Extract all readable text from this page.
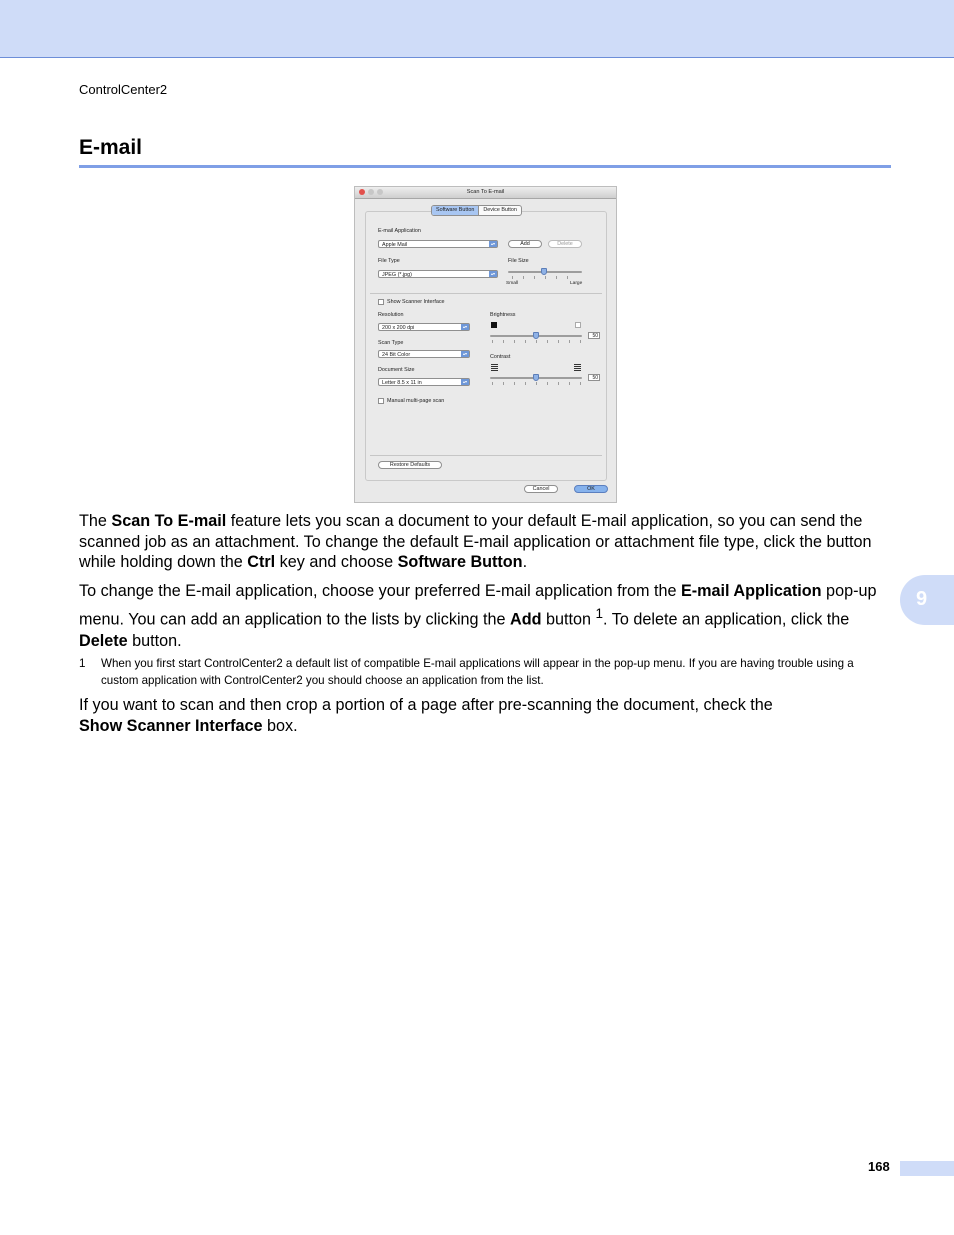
ControlCenter2
E-mail
Scan To E-mail
E-mail Application
Apple Mail	▴▾	Add	Delete
File Type
JPEG (*.jpg)	▴▾
File Size
Small	Large
Show Scanner Interface
Resolution
200 x 200 dpi	▴▾
Scan Type
24 Bit Color	▴▾
Document Size
Letter 8.5 x 11 in	▴▾
Manual multi-page scan
Brightness
50
Contrast
50
Restore Defaults
Software Button	Device Button
Cancel	OK

The Scan To E-mail feature lets you scan a document to your default E-mail application, so you can send the scanned job as an attachment. To change the default E-mail application or attachment file type, click the button while holding down the Ctrl key and choose Software Button.

To change the E-mail application, choose your preferred E-mail application from the E-mail Application pop-up menu. You can add an application to the lists by clicking the Add button $^1$. To delete an application, click the Delete button.

1 When you first start ControlCenter2 a default list of compatible E-mail applications will appear in the pop-up menu. If you are having trouble using a custom application with ControlCenter2 you should choose an application from the list.

If you want to scan and then crop a portion of a page after pre-scanning the document, check the
Show Scanner Interface box.

9
168
